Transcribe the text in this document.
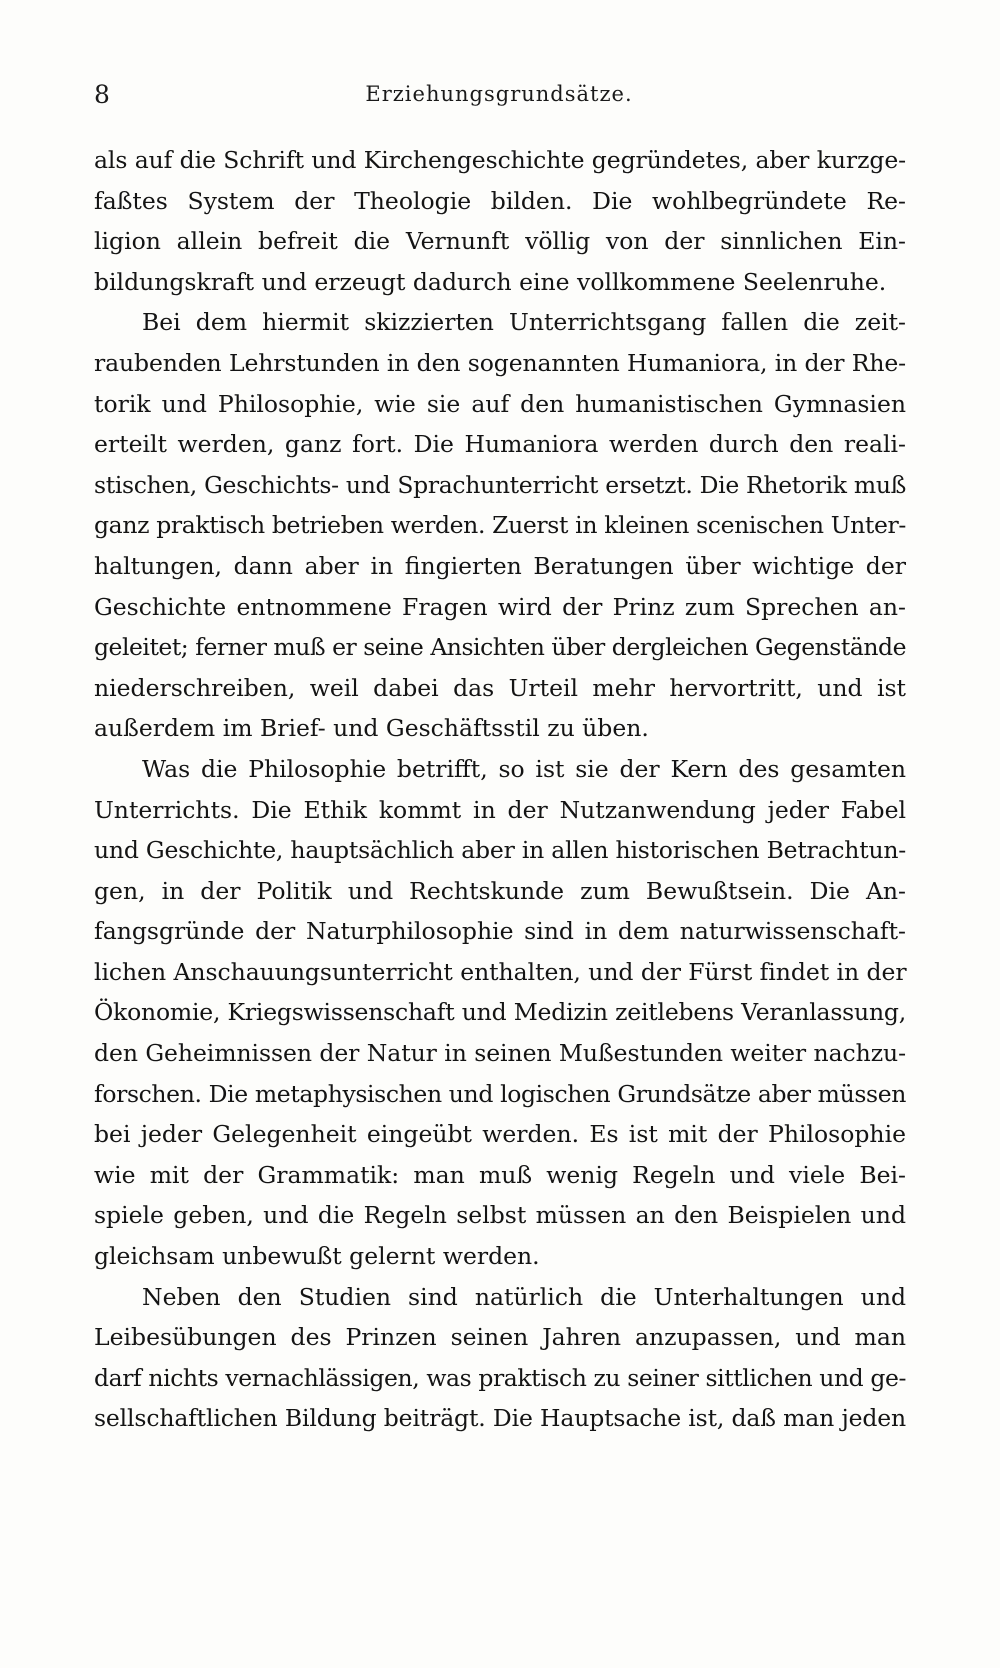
8	Erziehungsgrundsätze.
als auf die Schrift und Kirchengeschichte gegründetes, aber kurzge-
faßtes System der Theologie bilden. Die wohlbegründete Re-
ligion allein befreit die Vernunft völlig von der sinnlichen Ein-
bildungskraft und erzeugt dadurch eine vollkommene Seelenruhe.
Bei dem hiermit skizzierten Unterrichtsgang fallen die zeit-
raubenden Lehrstunden in den sogenannten Humaniora, in der Rhe-
torik und Philosophie, wie sie auf den humanistischen Gymnasien
erteilt werden, ganz fort. Die Humaniora werden durch den reali-
stischen, Geschichts- und Sprachunterricht ersetzt. Die Rhetorik muß
ganz praktisch betrieben werden. Zuerst in kleinen scenischen Unter-
haltungen, dann aber in fingierten Beratungen über wichtige der
Geschichte entnommene Fragen wird der Prinz zum Sprechen an-
geleitet; ferner muß er seine Ansichten über dergleichen Gegenstände
niederschreiben, weil dabei das Urteil mehr hervortritt, und ist
außerdem im Brief- und Geschäftsstil zu üben.
Was die Philosophie betrifft, so ist sie der Kern des gesamten
Unterrichts. Die Ethik kommt in der Nutzanwendung jeder Fabel
und Geschichte, hauptsächlich aber in allen historischen Betrachtun-
gen, in der Politik und Rechtskunde zum Bewußtsein. Die An-
fangsgründe der Naturphilosophie sind in dem naturwissenschaft-
lichen Anschauungsunterricht enthalten, und der Fürst findet in der
Ökonomie, Kriegswissenschaft und Medizin zeitlebens Veranlassung,
den Geheimnissen der Natur in seinen Mußestunden weiter nachzu-
forschen. Die metaphysischen und logischen Grundsätze aber müssen
bei jeder Gelegenheit eingeübt werden. Es ist mit der Philosophie
wie mit der Grammatik: man muß wenig Regeln und viele Bei-
spiele geben, und die Regeln selbst müssen an den Beispielen und
gleichsam unbewußt gelernt werden.
Neben den Studien sind natürlich die Unterhaltungen und
Leibesübungen des Prinzen seinen Jahren anzupassen, und man
darf nichts vernachlässigen, was praktisch zu seiner sittlichen und ge-
sellschaftlichen Bildung beiträgt. Die Hauptsache ist, daß man jeden
